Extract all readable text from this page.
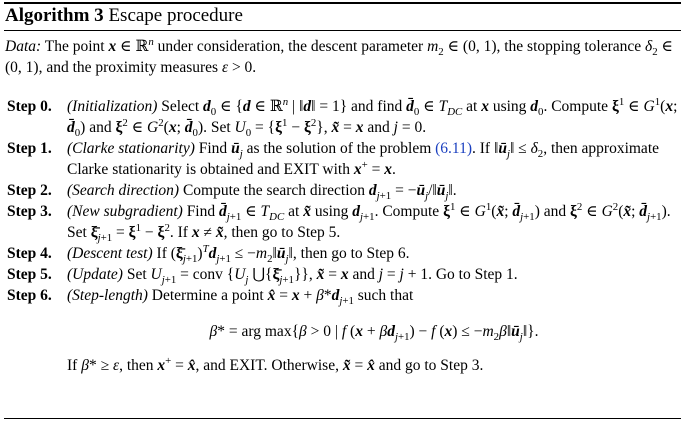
Algorithm 3 Escape procedure
Data: The point x ∈ ℝ$^n$ under consideration, the descent parameter $m_2$ ∈ (0, 1), the stopping tolerance $\delta_2$ ∈ (0, 1), and the proximity measures ε > 0.
Step 0. (Initialization) Select $d_0$ ∈ {d ∈ ℝ$^n$ | ‖d‖ = 1} and find $d̄_0$ ∈ $T_{DC}$ at x using $d_0$. Compute $\xi^1$ ∈ $G^1(x$; $d̄_0$) and $\xi^2$ ∈ $G^2(x$; $d̄_0$). Set $U_0 = \{\xi^1 - \xi^2\}$, x̃ = x and j = 0.
Step 1. (Clarke stationarity) Find $ū_j$ as the solution of the problem (6.11). If $‖ū_j‖ \le \delta_2$, then approximate Clarke stationarity is obtained and EXIT with x+ = x.
Step 2. (Search direction) Compute the search direction $d_{j+1}$ = $-ū_j/‖ū_j‖$.
Step 3. (New subgradient) Find $d̄_{j+1}$ ∈ $T_{DC}$ at x̃ using $d_{j+1}$. Compute $\xi^1$ ∈ $G^1(x̃$; $d̄_{j+1}$) and $\xi^2$ ∈ $G^2(x̃$; $d̄_{j+1}$). Set $\xī_{j+1} = \xi^1 - \xi^2$. If x ≠ x̃, then go to Step 5.
Step 4. (Descent test) If $(\xī_{j+1})^Td_{j+1}$ ≤ $-m_2‖ū_j‖$, then go to Step 6.
Step 5. (Update) Set $U_{j+1}$ = conv {$U_j$ $⋃\{\xī_{j+1}\}$}, x̃ = x and j = j + 1. Go to Step 1.
Step 6. (Step-length) Determine a point x̂ = $x + \beta*d_{j+1}$ such that
β* = arg max{β > 0 | f $(x + \beta d_{j+1}) - f$ $(x) \le -m_2\beta‖ū_j‖$}.
If β* ≥ ε, then x+ = x̂, and EXIT. Otherwise, x̃ = x̂ and go to Step 3.
